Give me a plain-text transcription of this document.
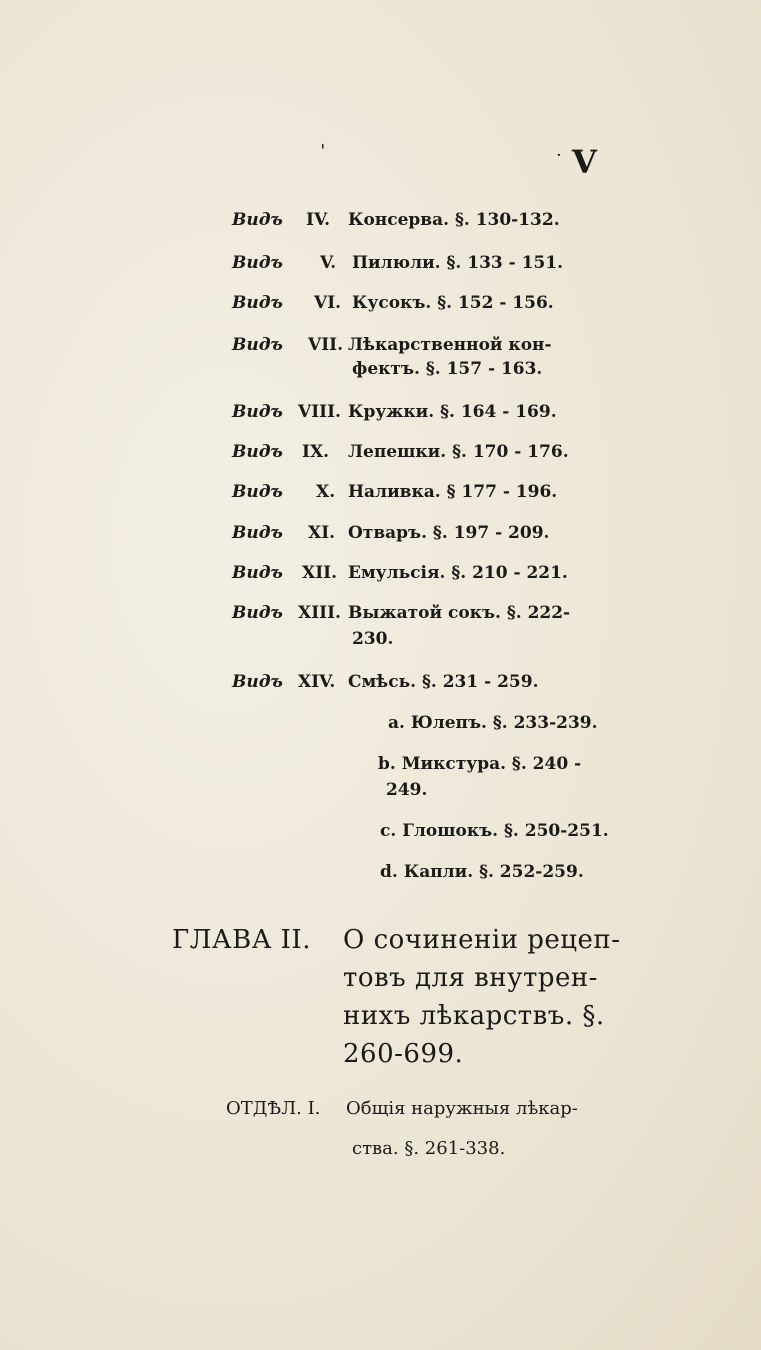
ˈ	· V
Видъ IV. Консерва. §. 130-132.
Видъ V. Пилюли. §. 133 - 151.
Видъ VI. Кусокъ. §. 152 - 156.
Видъ VII. Лѣкарственной кон-
фектъ. §. 157 - 163.
Видъ VIII. Кружки. §. 164 - 169.
Видъ IX. Лепешки. §. 170 - 176.
Видъ X. Наливка. § 177 - 196.
Видъ XI. Отваръ. §. 197 - 209.
Видъ XII. Емульсія. §. 210 - 221.
Видъ XIII. Выжатой сокъ. §. 222-
230.
Видъ XIV. Смѣсь. §. 231 - 259.
a. Юлепъ. §. 233-239.
b. Микстура. §. 240 -
249.
c. Глошокъ. §. 250-251.
d. Капли. §. 252-259.
ГЛАВА II. О сочиненіи рецеп-
товъ для внутрен-
нихъ лѣкарствъ. §.
260-699.
ОТДѢЛ. I. Общія наружныя лѣкар-
ства. §. 261-338.
